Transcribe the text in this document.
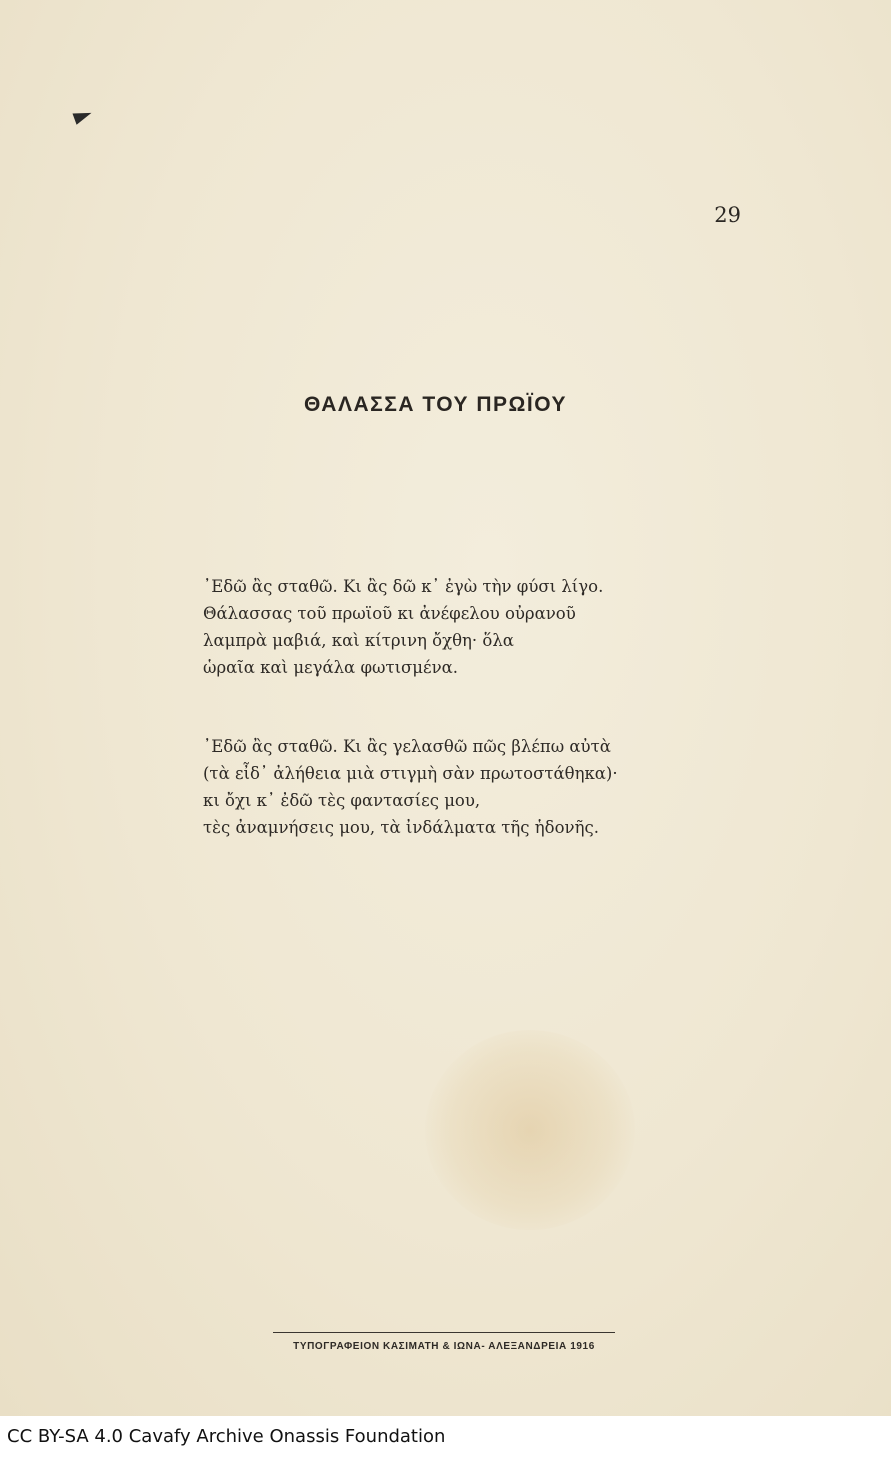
29

ΘΑΛΑΣΣΑ ΤΟΥ ΠΡΩΪΟΥ
᾿Εδῶ ἂς σταθῶ. Κι ἂς δῶ κ᾿ ἐγὼ τὴν φύσι λίγο.
Θάλασσας τοῦ πρωϊοῦ κι ἀνέφελου οὐρανοῦ
λαμπρὰ μαβιά, καὶ κίτρινη ὄχθη· ὅλα
ὡραῖα καὶ μεγάλα φωτισμένα.
᾿Εδῶ ἂς σταθῶ. Κι ἂς γελασθῶ πῶς βλέπω αὐτὰ
(τὰ εἶδ᾿ ἀλήθεια μιὰ στιγμὴ σὰν πρωτοστάθηκα)·
κι ὄχι κ᾿ ἐδῶ τὲς φαντασίες μου,
τὲς ἀναμνήσεις μου, τὰ ἰνδάλματα τῆς ἡδονῆς.

ΤΥΠΟΓΡΑΦΕΙΟΝ ΚΑΣΙΜΑΤΗ & ΙΩΝΑ- ΑΛΕΞΑΝΔΡΕΙΑ 1916

CC BY-SA 4.0 Cavafy Archive Onassis Foundation
